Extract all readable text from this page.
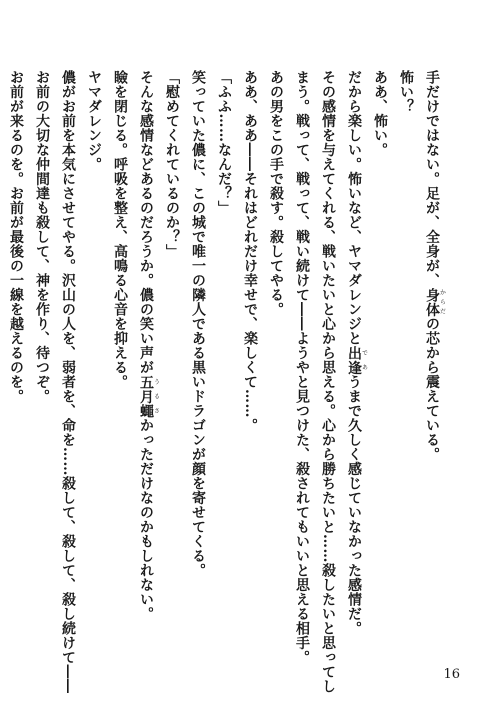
手だけではない。足が、全身が、身体からだの芯から震えている。
怖い？
ああ、怖い。
だから楽しい。怖いなど、ヤマダレンジと出逢であうまで久しく感じていなかった感情だ。
その感情を与えてくれる、戦いたいと心から思える。心から勝ちたいと……殺したいと思ってし
まう。戦って、戦って、戦い続けて――ようやと見つけた、殺されてもいいと思える相手。
あの男をこの手で殺す。殺してやる。
ああ、ああ――それはどれだけ幸せで、楽しくて……。
「ふふ……なんだ？」
笑っていた儂に、この城で唯一の隣人である黒いドラゴンが顔を寄せてくる。
「慰めてくれているのか？」
そんな感情などあるのだろうか。儂の笑い声が五月蠅うるさかっただけなのかもしれない。
瞼を閉じる。呼吸を整え、高鳴る心音を抑える。
ヤマダレンジ。
儂がお前を本気にさせてやる。沢山の人を、弱者を、命を……殺して、殺して、殺し続けて――
お前の大切な仲間達も殺して、神を作り、待つぞ。
お前が来るのを。お前が最後の一線を越えるのを。
16
